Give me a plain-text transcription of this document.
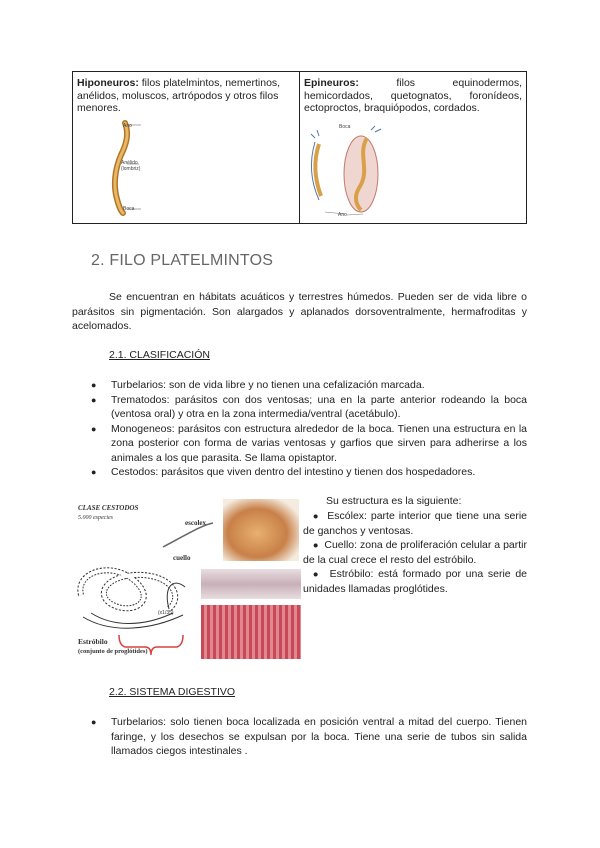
Hiponeuros: filos platelmintos, nemertinos, anélidos, moluscos, artrópodos y otros filos menores.
Ano
Anélido
(lombriz)
Boca
Epineuros: filos equinodermos, hemicordados, quetognatos, foronídeos, ectoproctos, braquiópodos, cordados.
Boca
Ano
2. FILO PLATELMINTOS
Se encuentran en hábitats acuáticos y terrestres húmedos. Pueden ser de vida libre o parásitos sin pigmentación. Son alargados y aplanados dorsoventralmente, hermafroditas y acelomados.
2.1. CLASIFICACIÓN
● Turbelarios: son de vida libre y no tienen una cefalización marcada.
● Trematodos: parásitos con dos ventosas; una en la parte anterior rodeando la boca (ventosa oral) y otra en la zona intermedia/ventral (acetábulo).
● Monogeneos: parásitos con estructura alrededor de la boca. Tienen una estructura en la zona posterior con forma de varias ventosas y garfios que sirven para adherirse a los animales a los que parasita. Se llama opistaptor.
● Cestodos: parásitos que viven dentro del intestino y tienen dos hospedadores.
CLASE CESTODOS
5.000 especies
escolex
cuello
(x1/35)
Estróbilo
(conjunto de proglótides)
Su estructura es la siguiente:
● ● Escólex: parte interior que tiene una serie de ganchos y ventosas.
● ● Cuello: zona de proliferación celular a partir de la cual crece el resto del estróbilo.
● ● Estróbilo: está formado por una serie de unidades llamadas proglótides.
2.2. SISTEMA DIGESTIVO
● Turbelarios: solo tienen boca localizada en posición ventral a mitad del cuerpo. Tienen faringe, y los desechos se expulsan por la boca. Tiene una serie de tubos sin salida llamados ciegos intestinales .
